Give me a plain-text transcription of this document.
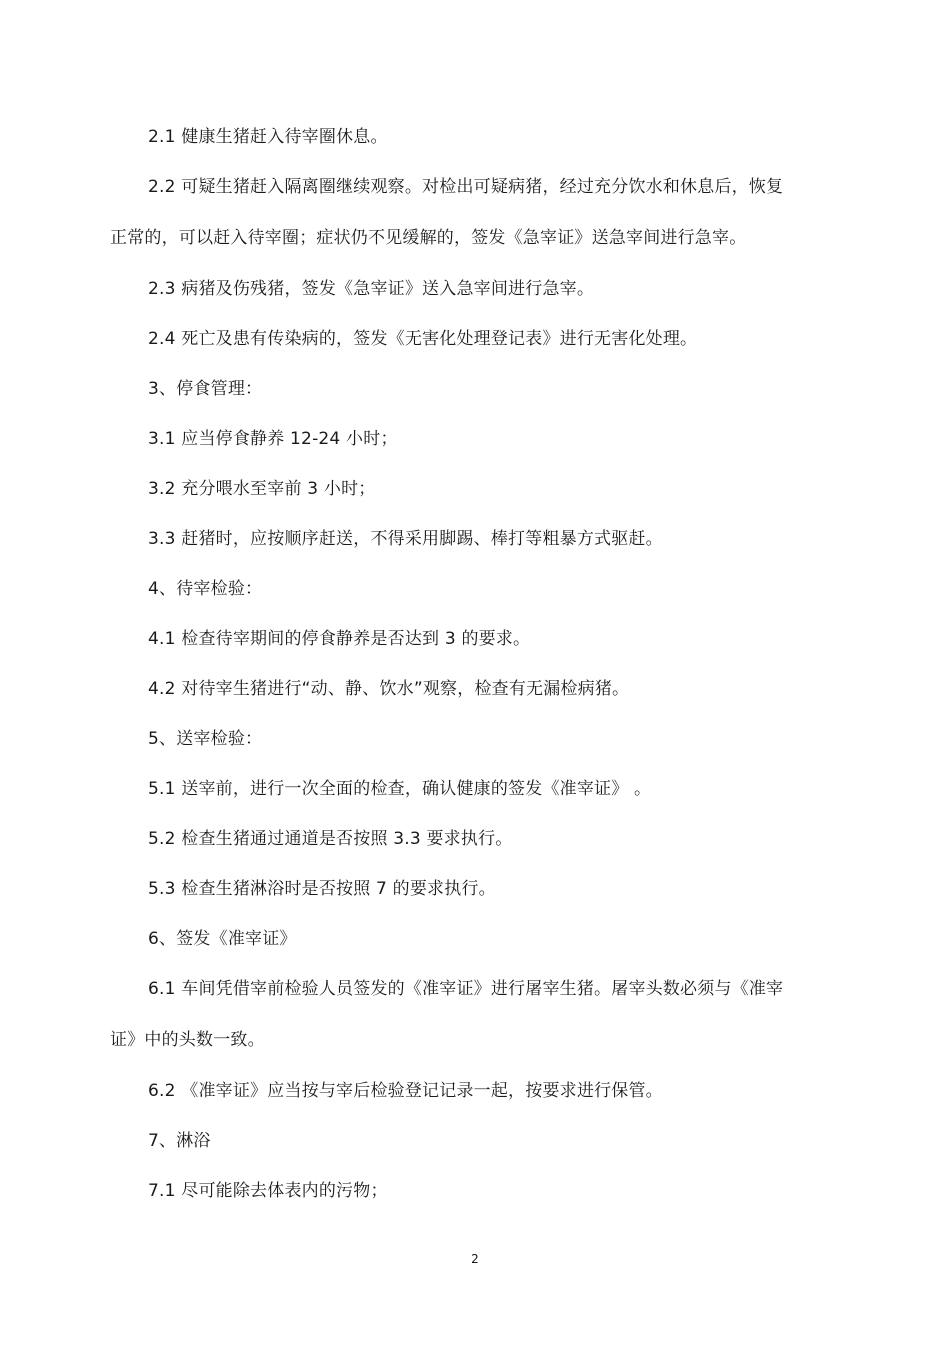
2.1 健康生猪赶入待宰圈休息。

2.2 可疑生猪赶入隔离圈继续观察。对检出可疑病猪，经过充分饮水和休息后，恢复正常的，可以赶入待宰圈；症状仍不见缓解的，签发《急宰证》送急宰间进行急宰。

2.3 病猪及伤残猪，签发《急宰证》送入急宰间进行急宰。

2.4 死亡及患有传染病的，签发《无害化处理登记表》进行无害化处理。

3、停食管理：

3.1 应当停食静养 12-24 小时；

3.2 充分喂水至宰前 3 小时；

3.3 赶猪时，应按顺序赶送，不得采用脚踢、棒打等粗暴方式驱赶。

4、待宰检验：

4.1 检查待宰期间的停食静养是否达到 3 的要求。

4.2 对待宰生猪进行“动、静、饮水”观察，检查有无漏检病猪。

5、送宰检验：

5.1 送宰前，进行一次全面的检查，确认健康的签发《准宰证》 。

5.2 检查生猪通过通道是否按照 3.3 要求执行。

5.3 检查生猪淋浴时是否按照 7 的要求执行。

6、签发《准宰证》

6.1 车间凭借宰前检验人员签发的《准宰证》进行屠宰生猪。屠宰头数必须与《准宰证》中的头数一致。

6.2 《准宰证》应当按与宰后检验登记记录一起，按要求进行保管。

7、淋浴

7.1 尽可能除去体表内的污物；

2
